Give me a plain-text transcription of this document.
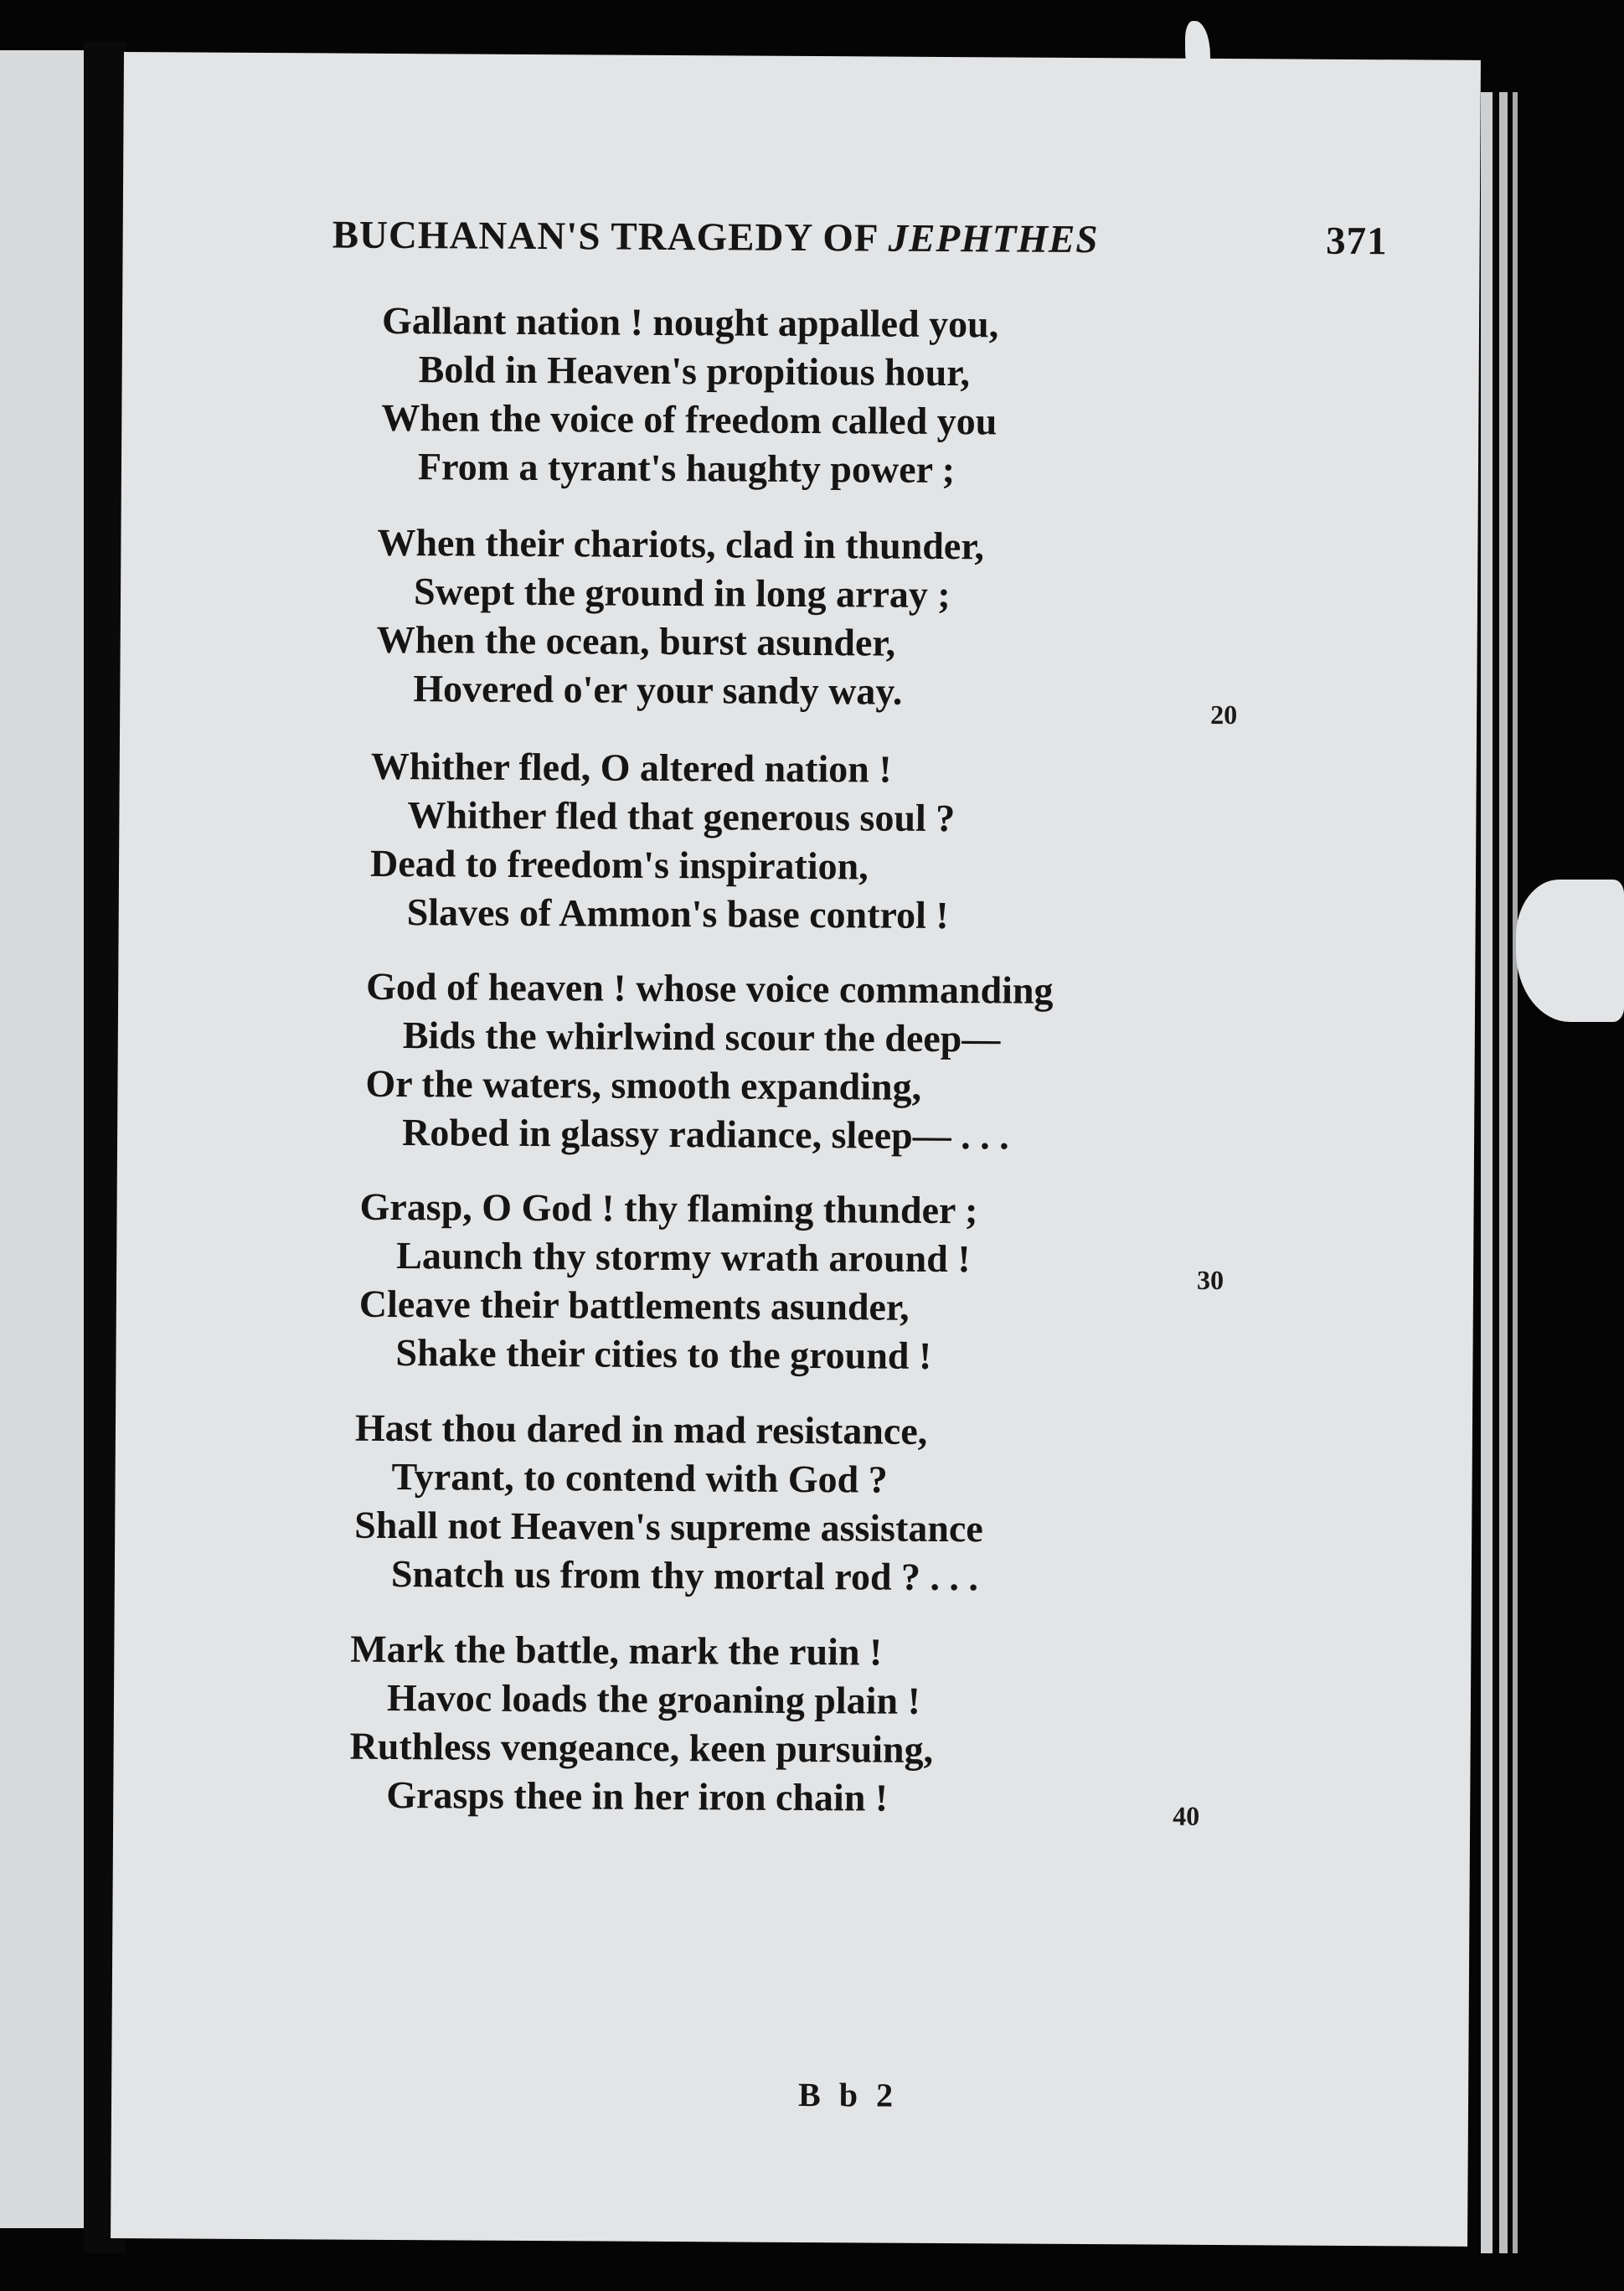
BUCHANAN'S TRAGEDY OF JEPHTHES	371
Gallant nation ! nought appalled you,
Bold in Heaven's propitious hour,
When the voice of freedom called you
From a tyrant's haughty power ;
When their chariots, clad in thunder,
Swept the ground in long array ;
When the ocean, burst asunder,
Hovered o'er your sandy way.
20
Whither fled, O altered nation !
Whither fled that generous soul ?
Dead to freedom's inspiration,
Slaves of Ammon's base control !
God of heaven ! whose voice commanding
Bids the whirlwind scour the deep—
Or the waters, smooth expanding,
Robed in glassy radiance, sleep— . . .
Grasp, O God ! thy flaming thunder ;
Launch thy stormy wrath around !
Cleave their battlements asunder,
Shake their cities to the ground !
30
Hast thou dared in mad resistance,
Tyrant, to contend with God ?
Shall not Heaven's supreme assistance
Snatch us from thy mortal rod ? . . .
Mark the battle, mark the ruin !
Havoc loads the groaning plain !
Ruthless vengeance, keen pursuing,
Grasps thee in her iron chain !	40
B b 2
